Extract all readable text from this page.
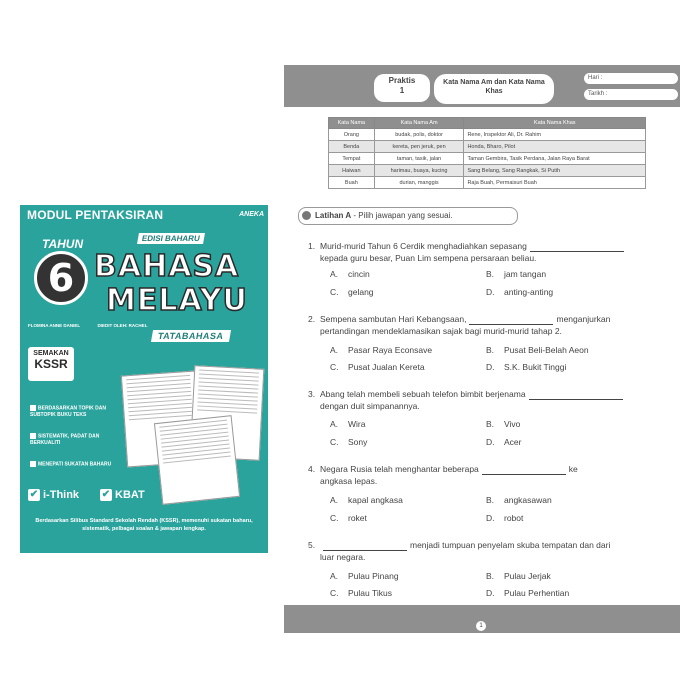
MODUL PENTAKSIRAN	ANEKA
EDISI BAHARU
TAHUN
6 BAHASA
MELAYU
FLOMINA ANNE DANIEL	DIEDIT OLEH: RACHEL
TATABAHASA
SEMAKAN
KSSR
BERDASARKAN TOPIK DAN SUBTOPIK BUKU TEKS
SISTEMATIK, PADAT DAN BERKUALITI
MENEPATI SUKATAN BAHARU
✔ i-Think ✔ KBAT
Berdasarkan Silibus Standard Sekolah Rendah (KSSR), memenuhi sukatan baharu, sistematik, pelbagai soalan & jawapan lengkap.
Praktis
1
Kata Nama Am dan Kata Nama Khas
Hari :
Tarikh :
Kata Nama	Kata Nama Am	Kata Nama Khas
Orang	budak, polis, doktor	Rene, Inspektor Ali, Dr. Rahim
Benda	kereta, pen jeruk, pen	Honda, Bharo, Pilot
Tempat	taman, tasik, jalan	Taman Gembira, Tasik Perdana, Jalan Raya Barat
Haiwan	harimau, buaya, kucing	Sang Belang, Sang Rangkak, Si Putih
Buah	durian, manggis	Raja Buah, Permaisuri Buah
Latihan A - Pilih jawapan yang sesuai.
1. Murid-murid Tahun 6 Cerdik menghadiahkan sepasang
kepada guru besar, Puan Lim sempena persaraan beliau.
A. cincin	B. jam tangan
C. gelang	D. anting-anting
2. Sempena sambutan Hari Kebangsaan,	menganjurkan
pertandingan mendeklamasikan sajak bagi murid-murid tahap 2.
A. Pasar Raya Econsave	B. Pusat Beli-Belah Aeon
C. Pusat Jualan Kereta	D. S.K. Bukit Tinggi
3. Abang telah membeli sebuah telefon bimbit berjenama
dengan duit simpanannya.
A. Wira	B. Vivo
C. Sony	D. Acer
4. Negara Rusia telah menghantar beberapa	ke
angkasa lepas.
A. kapal angkasa	B. angkasawan
C. roket	D. robot
5.	menjadi tumpuan penyelam skuba tempatan dan dari
luar negara.
A. Pulau Pinang	B. Pulau Jerjak
C. Pulau Tikus	D. Pulau Perhentian
1
